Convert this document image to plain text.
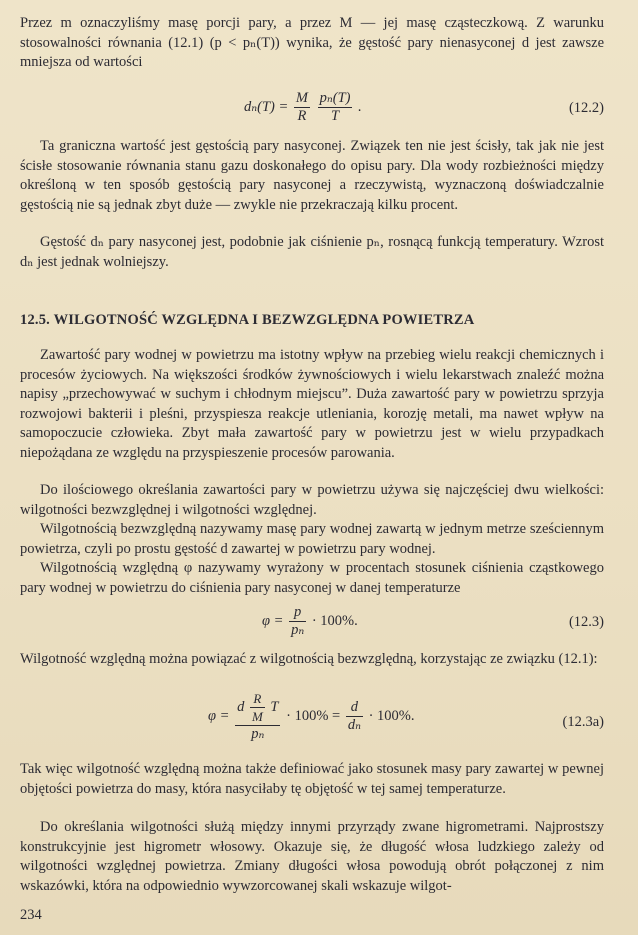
Przez m oznaczyliśmy masę porcji pary, a przez M — jej masę cząsteczkową. Z warunku stosowalności równania (12.1) (p < pₙ(T)) wynika, że gęstość pary nienasyconej d jest zawsze mniejsza od wartości

$d_n(T) = \frac{M}{R}$
$\frac{\text{pₙ(T)}}{T}$ .	(12.2)

Ta graniczna wartość jest gęstością pary nasyconej. Związek ten nie jest ścisły, tak jak nie jest ścisłe stosowanie równania stanu gazu doskonałego do opisu pary. Dla wody rozbieżności między określoną w ten sposób gęstością pary nasyconej a rzeczywistą, wyznaczoną doświadczalnie gęstością nie są jednak zbyt duże — zwykle nie przekraczają kilku procent.

Gęstość dₙ pary nasyconej jest, podobnie jak ciśnienie pₙ, rosnącą funkcją temperatury. Wzrost dₙ jest jednak wolniejszy.

12.5. WILGOTNOŚĆ WZGLĘDNA I BEZWZGLĘDNA POWIETRZA

Zawartość pary wodnej w powietrzu ma istotny wpływ na przebieg wielu reakcji chemicznych i procesów życiowych. Na większości środków żywnościowych i wielu lekarstwach znaleźć można napisy „przechowywać w suchym i chłodnym miejscu”. Duża zawartość pary w powietrzu sprzyja rozwojowi bakterii i pleśni, przyspiesza reakcje utleniania, korozję metali, ma nawet wpływ na samopoczucie człowieka. Zbyt mała zawartość pary w powietrzu jest w wielu przypadkach niepożądana ze względu na przyspieszenie procesów parowania.

Do ilościowego określania zawartości pary w powietrzu używa się najczęściej dwu wielkości: wilgotności bezwzględnej i wilgotności względnej.

Wilgotnością bezwzględną nazywamy masę pary wodnej zawartą w jednym metrze sześciennym powietrza, czyli po prostu gęstość d zawartej w powietrzu pary wodnej.

Wilgotnością względną φ nazywamy wyrażony w procentach stosunek ciśnienia cząstkowego pary wodnej w powietrzu do ciśnienia pary nasyconej w danej temperaturze

$\varphi = \frac{p}{\text{pₙ}} \cdot 100\%$.	(12.3)

Wilgotność względną można powiązać z wilgotnością bezwzględną, korzystając ze związku (12.1):

φ =
d $\frac{R}{M}$ T
pₙ
· $100\% = \frac{d}{\text{dₙ}} \cdot 100\%$.	(12.3a)

Tak więc wilgotność względną można także definiować jako stosunek masy pary zawartej w pewnej objętości powietrza do masy, która nasyciłaby tę objętość w tej samej temperaturze.

Do określania wilgotności służą między innymi przyrządy zwane higrometrami. Najprostszy konstrukcyjnie jest higrometr włosowy. Okazuje się, że długość włosa ludzkiego zależy od wilgotności względnej powietrza. Zmiany długości włosa powodują obrót połączonej z nim wskazówki, która na odpowiednio wywzorcowanej skali wskazuje wilgot-

234
